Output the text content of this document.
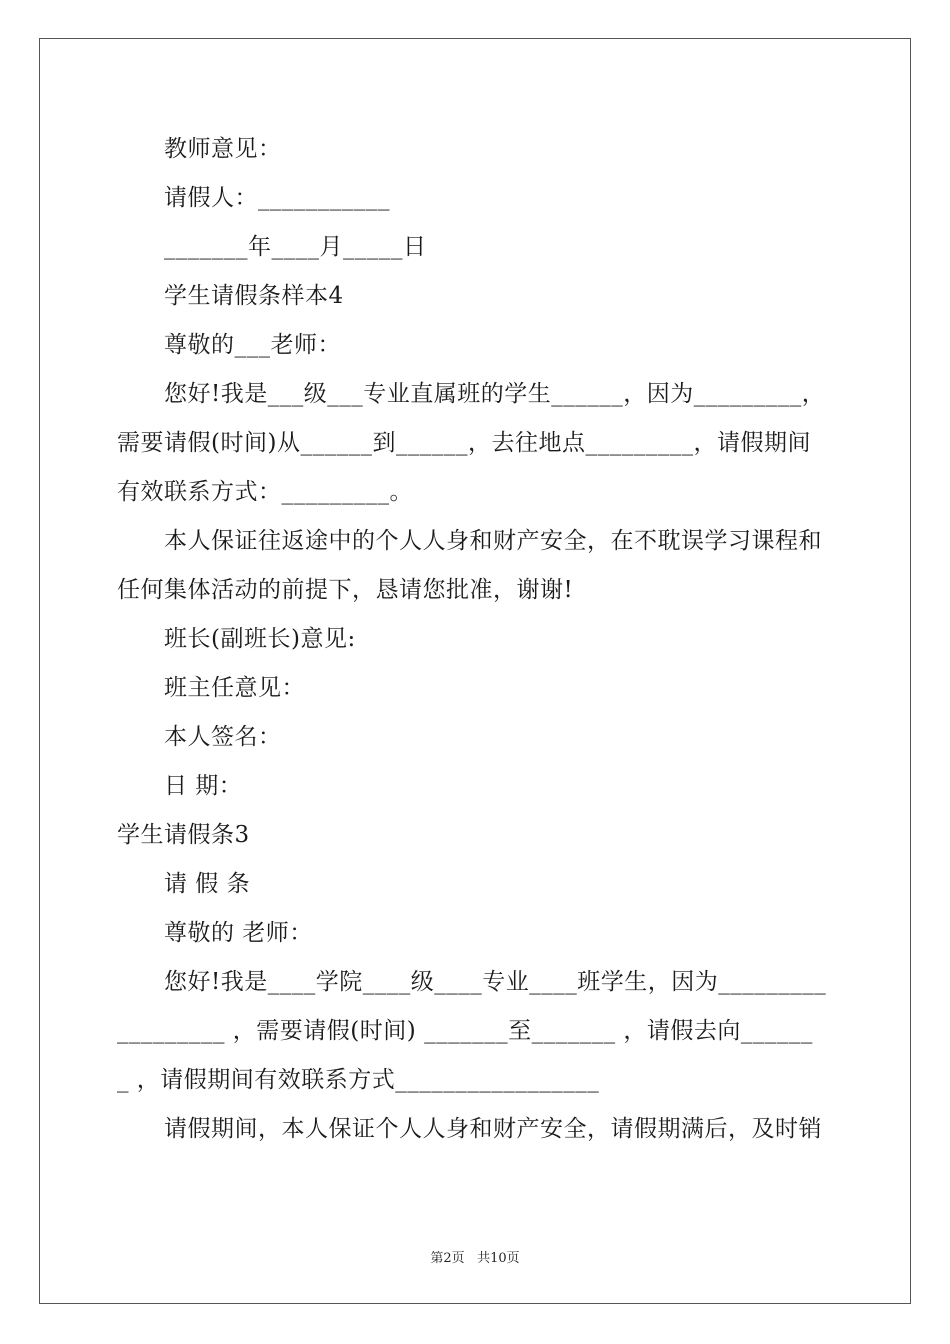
教师意见：

请假人：___________

_______年____月_____日

学生请假条样本4

尊敬的___老师：

您好!我是___级___专业直属班的学生______，因为_________，

需要请假(时间)从______到______，去往地点_________，请假期间

有效联系方式：_________。

本人保证往返途中的个人人身和财产安全，在不耽误学习课程和

任何集体活动的前提下，恳请您批准，谢谢!

班长(副班长)意见:

班主任意见：

本人签名：

日 期：

学生请假条3

请 假 条

尊敬的 老师：

您好!我是____学院____级____专业____班学生，因为_________

_________ ，需要请假(时间) _______至_______ ，请假去向______

_ ，请假期间有效联系方式_________________

请假期间，本人保证个人人身和财产安全，请假期满后，及时销

第2页 共10页
